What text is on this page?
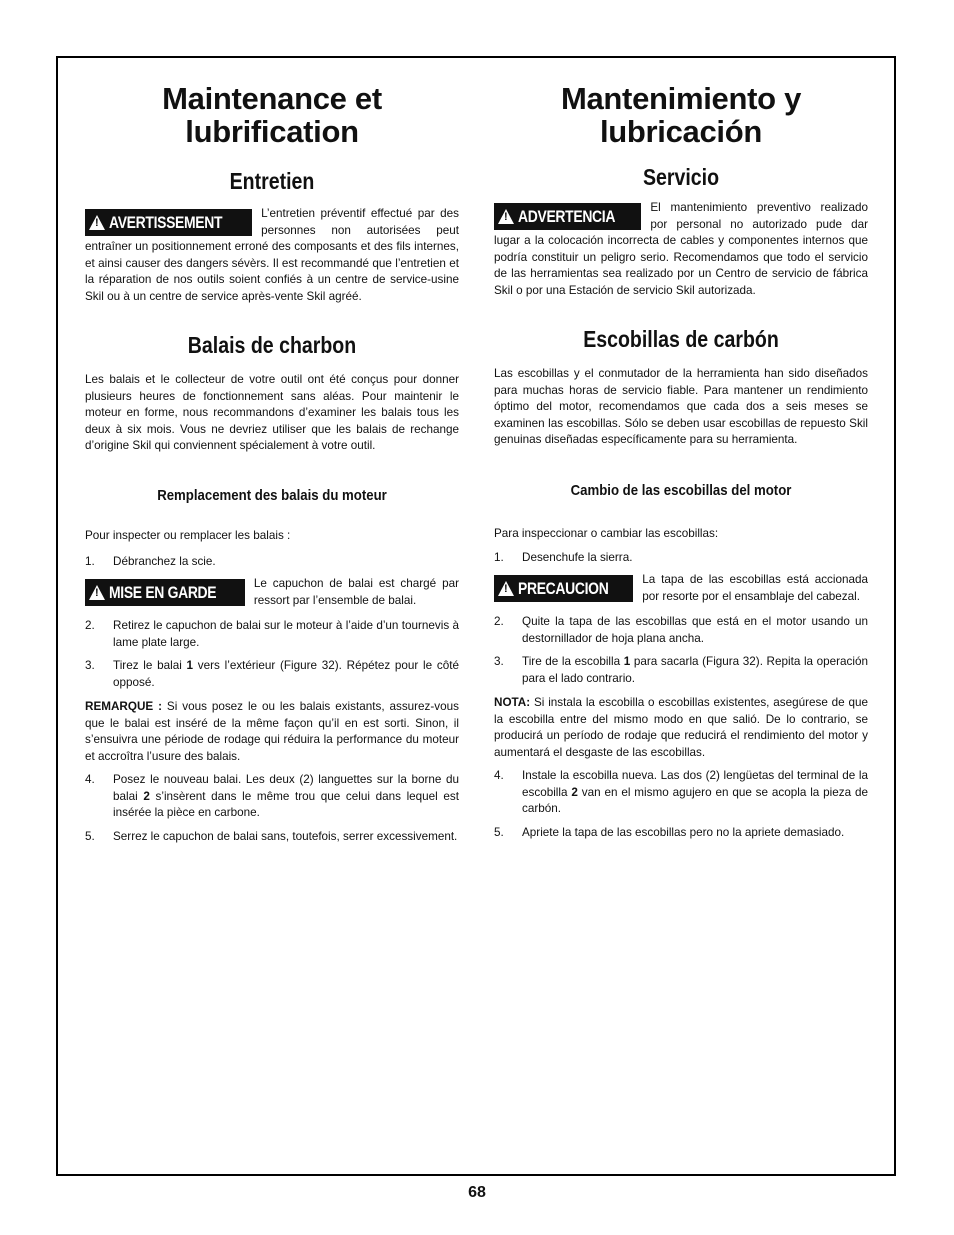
Maintenance et
lubrification
Entretien
!
AVERTISSEMENT	L’entretien préventif effectué par des personnes non autorisées peut entraîner un positionnement erroné des composants et des fils internes, et ainsi causer des dangers sévèrs. Il est recommandé que l’entretien et la réparation de nos outils soient confiés à un centre de service-usine Skil ou à un centre de service après-vente Skil agréé.

Balais de charbon

Les balais et le collecteur de votre outil ont été conçus pour donner plusieurs heures de fonctionnement sans aléas. Pour maintenir le moteur en forme, nous recommandons d’examiner les balais tous les deux à six mois. Vous ne devriez utiliser que les balais de rechange d’origine Skil qui conviennent spécialement à votre outil.

Remplacement des balais du moteur

Pour inspecter ou remplacer les balais :

1.	Débranchez la scie.
!
MISE EN GARDE	Le capuchon de balai est chargé par ressort par l’ensemble de balai.

2.	Retirez le capuchon de balai sur le moteur à l’aide d’un tournevis à lame plate large.
3.	Tirez le balai 1 vers l’extérieur (Figure 32). Répétez pour le côté opposé.

REMARQUE : Si vous posez le ou les balais existants, assurez-vous que le balai est inséré de la même façon qu’il en est sorti. Sinon, il s’ensuivra une période de rodage qui réduira la performance du moteur et accroîtra l’usure des balais.

4.	Posez le nouveau balai. Les deux (2) languettes sur la borne du balai 2 s’insèrent dans le même trou que celui dans lequel est insérée la pièce en carbone.
5.	Serrez le capuchon de balai sans, toutefois, serrer excessivement.
Mantenimiento y
lubricación
Servicio
!
ADVERTENCIA	El mantenimiento preventivo realizado por personal no autorizado pude dar lugar a la colocación incorrecta de cables y componentes internos que podría constituir un peligro serio. Recomendamos que todo el servicio de las herramientas sea realizado por un Centro de servicio de fábrica Skil o por una Estación de servicio Skil autorizada.

Escobillas de carbón

Las escobillas y el conmutador de la herramienta han sido diseñados para muchas horas de servicio fiable. Para mantener un rendimiento óptimo del motor, recomendamos que cada dos a seis meses se examinen las escobillas. Sólo se deben usar escobillas de repuesto Skil genuinas diseñadas específicamente para su herramienta.

Cambio de las escobillas del motor

Para inspeccionar o cambiar las escobillas:

1.	Desenchufe la sierra.
!
PRECAUCION	La tapa de las escobillas está accionada por resorte por el ensamblaje del cabezal.

2.	Quite la tapa de las escobillas que está en el motor usando un destornillador de hoja plana ancha.
3.	Tire de la escobilla 1 para sacarla (Figura 32). Repita la operación para el lado contrario.

NOTA: Si instala la escobilla o escobillas existentes, asegúrese de que la escobilla entre del mismo modo en que salió. De lo contrario, se producirá un período de rodaje que reducirá el rendimiento del motor y aumentará el desgaste de las escobillas.

4.	Instale la escobilla nueva. Las dos (2) lengüetas del terminal de la escobilla 2 van en el mismo agujero en que se acopla la pieza de carbón.
5.	Apriete la tapa de las escobillas pero no la apriete demasiado.
68
